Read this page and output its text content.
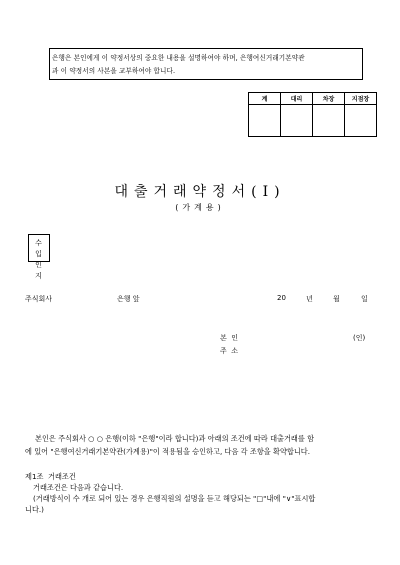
은행은 본인에게 이 약정서상의 중요한 내용을 설명하여야 하며, 은행여신거래기본약관
과 이 약정서의 사본을 교부하여야 합니다.
계	대리	차장	지점장

대출거래약정서(I)
(가계용)
수입
인지
주식회사	은행 앞	20	년	월	일
본  인	(인)
주  소
본인은 주식회사 ○ ○ 은행(이하 "은행"이라 합니다)과 아래의 조건에 따라 대출거래를 함
에 있어 "은행여신거래기본약관(가계용)"이 적용됨을 승인하고, 다음 각 조항을 확약합니다.
제1조  거래조건
거래조건은 다음과 같습니다.
(거래방식이 수 개로 되어 있는 경우 은행직원의 설명을 듣고 해당되는 "□"내에 "∨"표시합
니다.)
